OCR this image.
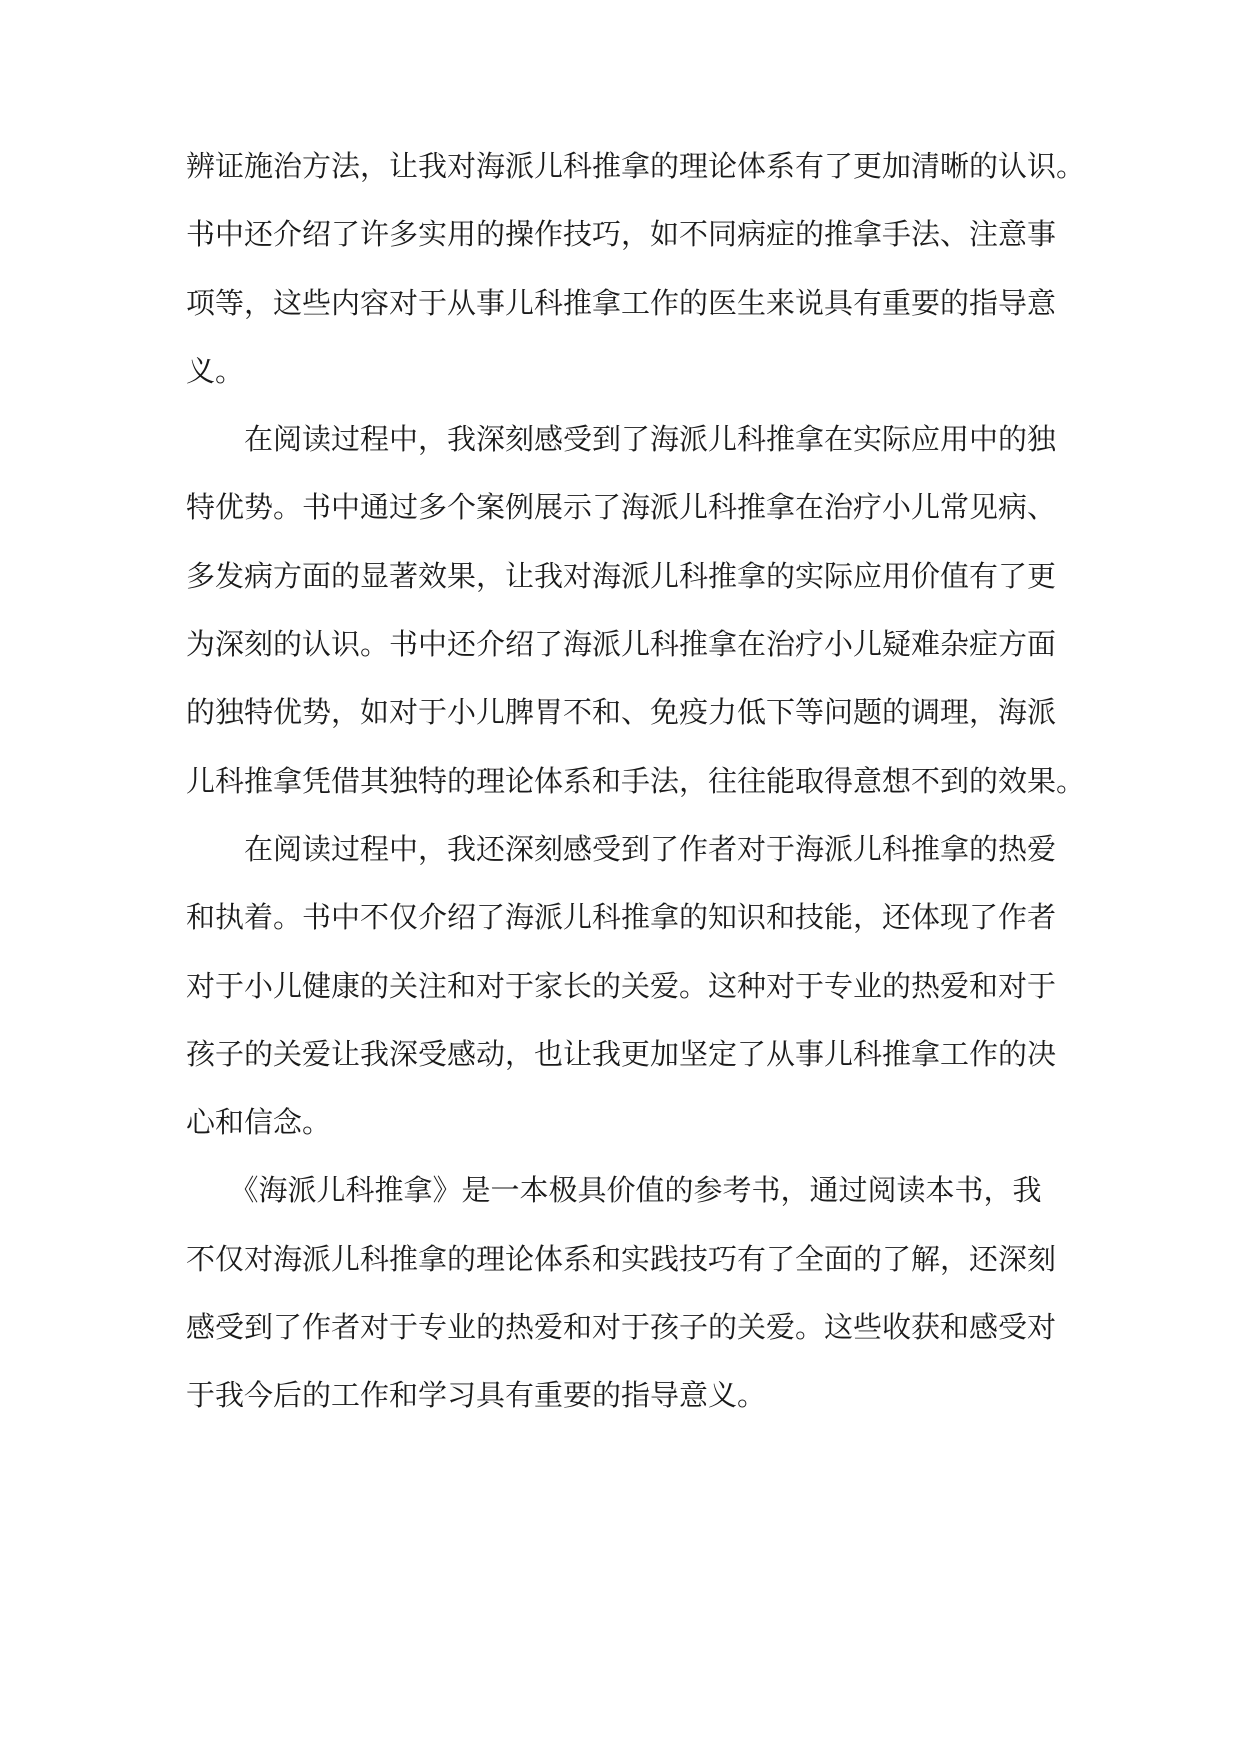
辨证施治方法，让我对海派儿科推拿的理论体系有了更加清晰的认识。
书中还介绍了许多实用的操作技巧，如不同病症的推拿手法、注意事
项等，这些内容对于从事儿科推拿工作的医生来说具有重要的指导意
义。
　　在阅读过程中，我深刻感受到了海派儿科推拿在实际应用中的独
特优势。书中通过多个案例展示了海派儿科推拿在治疗小儿常见病、
多发病方面的显著效果，让我对海派儿科推拿的实际应用价值有了更
为深刻的认识。书中还介绍了海派儿科推拿在治疗小儿疑难杂症方面
的独特优势，如对于小儿脾胃不和、免疫力低下等问题的调理，海派
儿科推拿凭借其独特的理论体系和手法，往往能取得意想不到的效果。
　　在阅读过程中，我还深刻感受到了作者对于海派儿科推拿的热爱
和执着。书中不仅介绍了海派儿科推拿的知识和技能，还体现了作者
对于小儿健康的关注和对于家长的关爱。这种对于专业的热爱和对于
孩子的关爱让我深受感动，也让我更加坚定了从事儿科推拿工作的决
心和信念。
　　《海派儿科推拿》是一本极具价值的参考书，通过阅读本书，我
不仅对海派儿科推拿的理论体系和实践技巧有了全面的了解，还深刻
感受到了作者对于专业的热爱和对于孩子的关爱。这些收获和感受对
于我今后的工作和学习具有重要的指导意义。
